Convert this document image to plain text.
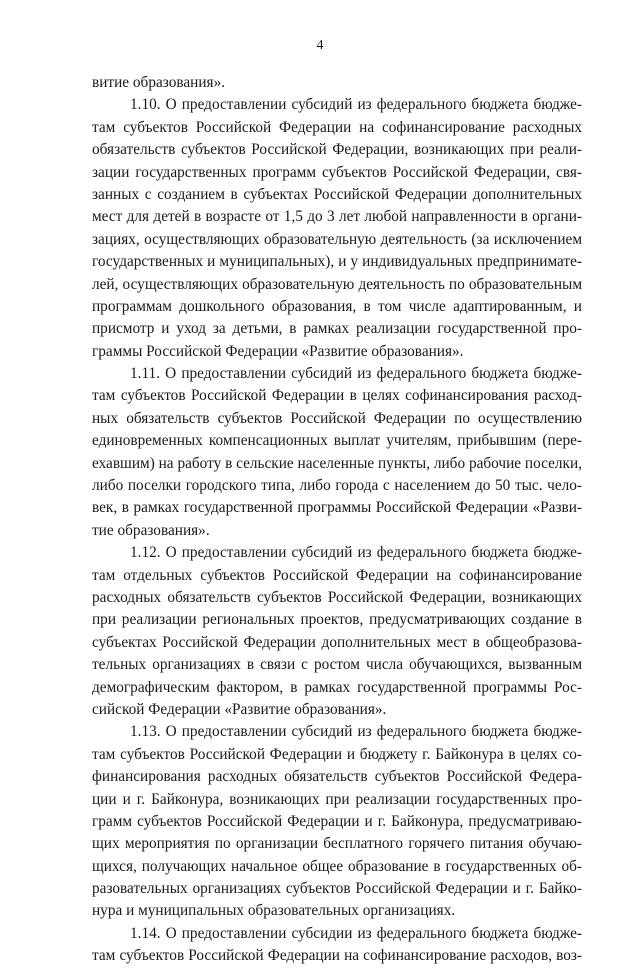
4
витие образования».
1.10. О предоставлении субсидий из федерального бюджета бюдже-
там субъектов Российской Федерации на софинансирование расходных
обязательств субъектов Российской Федерации, возникающих при реали-
зации государственных программ субъектов Российской Федерации, свя-
занных с созданием в субъектах Российской Федерации дополнительных
мест для детей в возрасте от 1,5 до 3 лет любой направленности в органи-
зациях, осуществляющих образовательную деятельность (за исключением
государственных и муниципальных), и у индивидуальных предпринимате-
лей, осуществляющих образовательную деятельность по образовательным
программам дошкольного образования, в том числе адаптированным, и
присмотр и уход за детьми, в рамках реализации государственной про-
граммы Российской Федерации «Развитие образования».
1.11. О предоставлении субсидий из федерального бюджета бюдже-
там субъектов Российской Федерации в целях софинансирования расход-
ных обязательств субъектов Российской Федерации по осуществлению
единовременных компенсационных выплат учителям, прибывшим (пере-
ехавшим) на работу в сельские населенные пункты, либо рабочие поселки,
либо поселки городского типа, либо города с населением до 50 тыс. чело-
век, в рамках государственной программы Российской Федерации «Разви-
тие образования».
1.12. О предоставлении субсидий из федерального бюджета бюдже-
там отдельных субъектов Российской Федерации на софинансирование
расходных обязательств субъектов Российской Федерации, возникающих
при реализации региональных проектов, предусматривающих создание в
субъектах Российской Федерации дополнительных мест в общеобразова-
тельных организациях в связи с ростом числа обучающихся, вызванным
демографическим фактором, в рамках государственной программы Рос-
сийской Федерации «Развитие образования».
1.13. О предоставлении субсидий из федерального бюджета бюдже-
там субъектов Российской Федерации и бюджету г. Байконура в целях со-
финансирования расходных обязательств субъектов Российской Федера-
ции и г. Байконура, возникающих при реализации государственных про-
грамм субъектов Российской Федерации и г. Байконура, предусматриваю-
щих мероприятия по организации бесплатного горячего питания обучаю-
щихся, получающих начальное общее образование в государственных об-
разовательных организациях субъектов Российской Федерации и г. Байко-
нура и муниципальных образовательных организациях.
1.14. О предоставлении субсидии из федерального бюджета бюдже-
там субъектов Российской Федерации на софинансирование расходов, воз-
